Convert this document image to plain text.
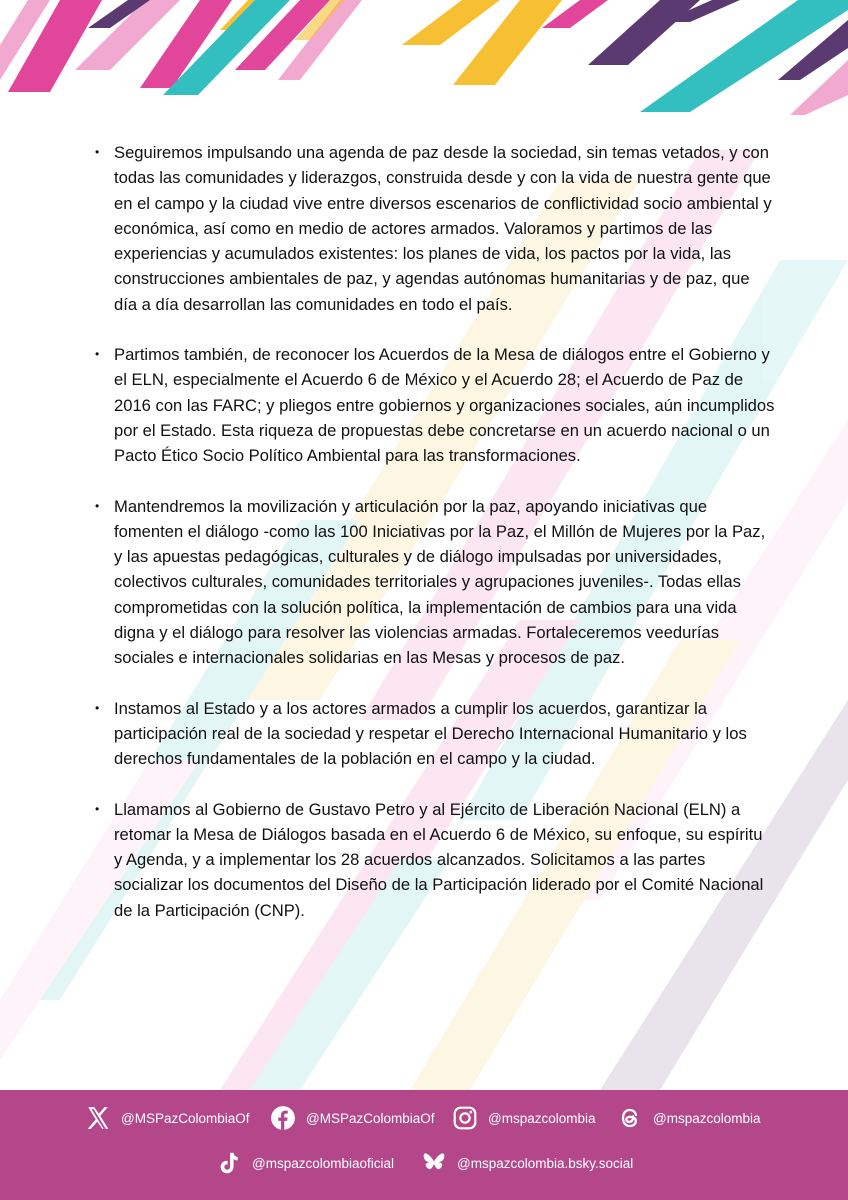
• Seguiremos impulsando una agenda de paz desde la sociedad, sin temas vetados, y con todas las comunidades y liderazgos, construida desde y con la vida de nuestra gente que en el campo y la ciudad vive entre diversos escenarios de conflictividad socio ambiental y económica, así como en medio de actores armados. Valoramos y partimos de las experiencias y acumulados existentes: los planes de vida, los pactos por la vida, las construcciones ambientales de paz, y agendas autónomas humanitarias y de paz, que día a día desarrollan las comunidades en todo el país.

• Partimos también, de reconocer los Acuerdos de la Mesa de diálogos entre el Gobierno y el ELN, especialmente el Acuerdo 6 de México y el Acuerdo 28; el Acuerdo de Paz de 2016 con las FARC; y pliegos entre gobiernos y organizaciones sociales, aún incumplidos por el Estado. Esta riqueza de propuestas debe concretarse en un acuerdo nacional o un Pacto Ético Socio Político Ambiental para las transformaciones.

• Mantendremos la movilización y articulación por la paz, apoyando iniciativas que fomenten el diálogo -como las 100 Iniciativas por la Paz, el Millón de Mujeres por la Paz, y las apuestas pedagógicas, culturales y de diálogo impulsadas por universidades, colectivos culturales, comunidades territoriales y agrupaciones juveniles-. Todas ellas comprometidas con la solución política, la implementación de cambios para una vida digna y el diálogo para resolver las violencias armadas. Fortaleceremos veedurías sociales e internacionales solidarias en las Mesas y procesos de paz.

• Instamos al Estado y a los actores armados a cumplir los acuerdos, garantizar la participación real de la sociedad y respetar el Derecho Internacional Humanitario y los derechos fundamentales de la población en el campo y la ciudad.

• Llamamos al Gobierno de Gustavo Petro y al Ejército de Liberación Nacional (ELN) a retomar la Mesa de Diálogos basada en el Acuerdo 6 de México, su enfoque, su espíritu y Agenda, y a implementar los 28 acuerdos alcanzados. Solicitamos a las partes socializar los documentos del Diseño de la Participación liderado por el Comité Nacional de la Participación (CNP).

@MSPazColombiaOf	@MSPazColombiaOf	@mspazcolombia	@mspazcolombia
@mspazcolombiaoficial	@mspazcolombia.bsky.social
